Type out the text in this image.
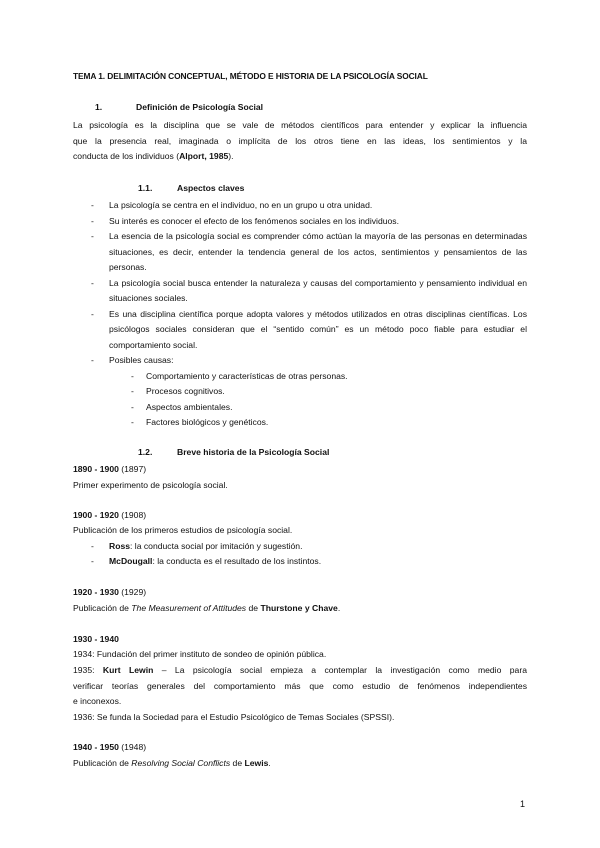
TEMA 1. DELIMITACIÓN CONCEPTUAL, MÉTODO E HISTORIA DE LA PSICOLOGÍA SOCIAL
1.	Definición de Psicología Social
La psicología es la disciplina que se vale de métodos científicos para entender y explicar la influencia
que la presencia real, imaginada o implícita de los otros tiene en las ideas, los sentimientos y la
conducta de los individuos (Alport, 1985).
1.1.	Aspectos claves
- La psicología se centra en el individuo, no en un grupo u otra unidad.
- Su interés es conocer el efecto de los fenómenos sociales en los individuos.
- La esencia de la psicología social es comprender cómo actúan la mayoría de las personas en determinadas situaciones, es decir, entender la tendencia general de los actos, sentimientos y pensamientos de las personas.
- La psicología social busca entender la naturaleza y causas del comportamiento y pensamiento individual en situaciones sociales.
- Es una disciplina científica porque adopta valores y métodos utilizados en otras disciplinas científicas. Los psicólogos sociales consideran que el “sentido común” es un método poco fiable para estudiar el comportamiento social.
- Posibles causas:
- Comportamiento y características de otras personas.
- Procesos cognitivos.
- Aspectos ambientales.
- Factores biológicos y genéticos.
1.2.	Breve historia de la Psicología Social
1890 - 1900 (1897)
Primer experimento de psicología social.
1900 - 1920 (1908)
Publicación de los primeros estudios de psicología social.
- Ross: la conducta social por imitación y sugestión.
- McDougall: la conducta es el resultado de los instintos.
1920 - 1930 (1929)
Publicación de The Measurement of Attitudes de Thurstone y Chave.
1930 - 1940
1934: Fundación del primer instituto de sondeo de opinión pública.
1935: Kurt Lewin – La psicología social empieza a contemplar la investigación como medio para
verificar teorías generales del comportamiento más que como estudio de fenómenos independientes
e inconexos.
1936: Se funda la Sociedad para el Estudio Psicológico de Temas Sociales (SPSSI).
1940 - 1950 (1948)
Publicación de Resolving Social Conflicts de Lewis.
1
